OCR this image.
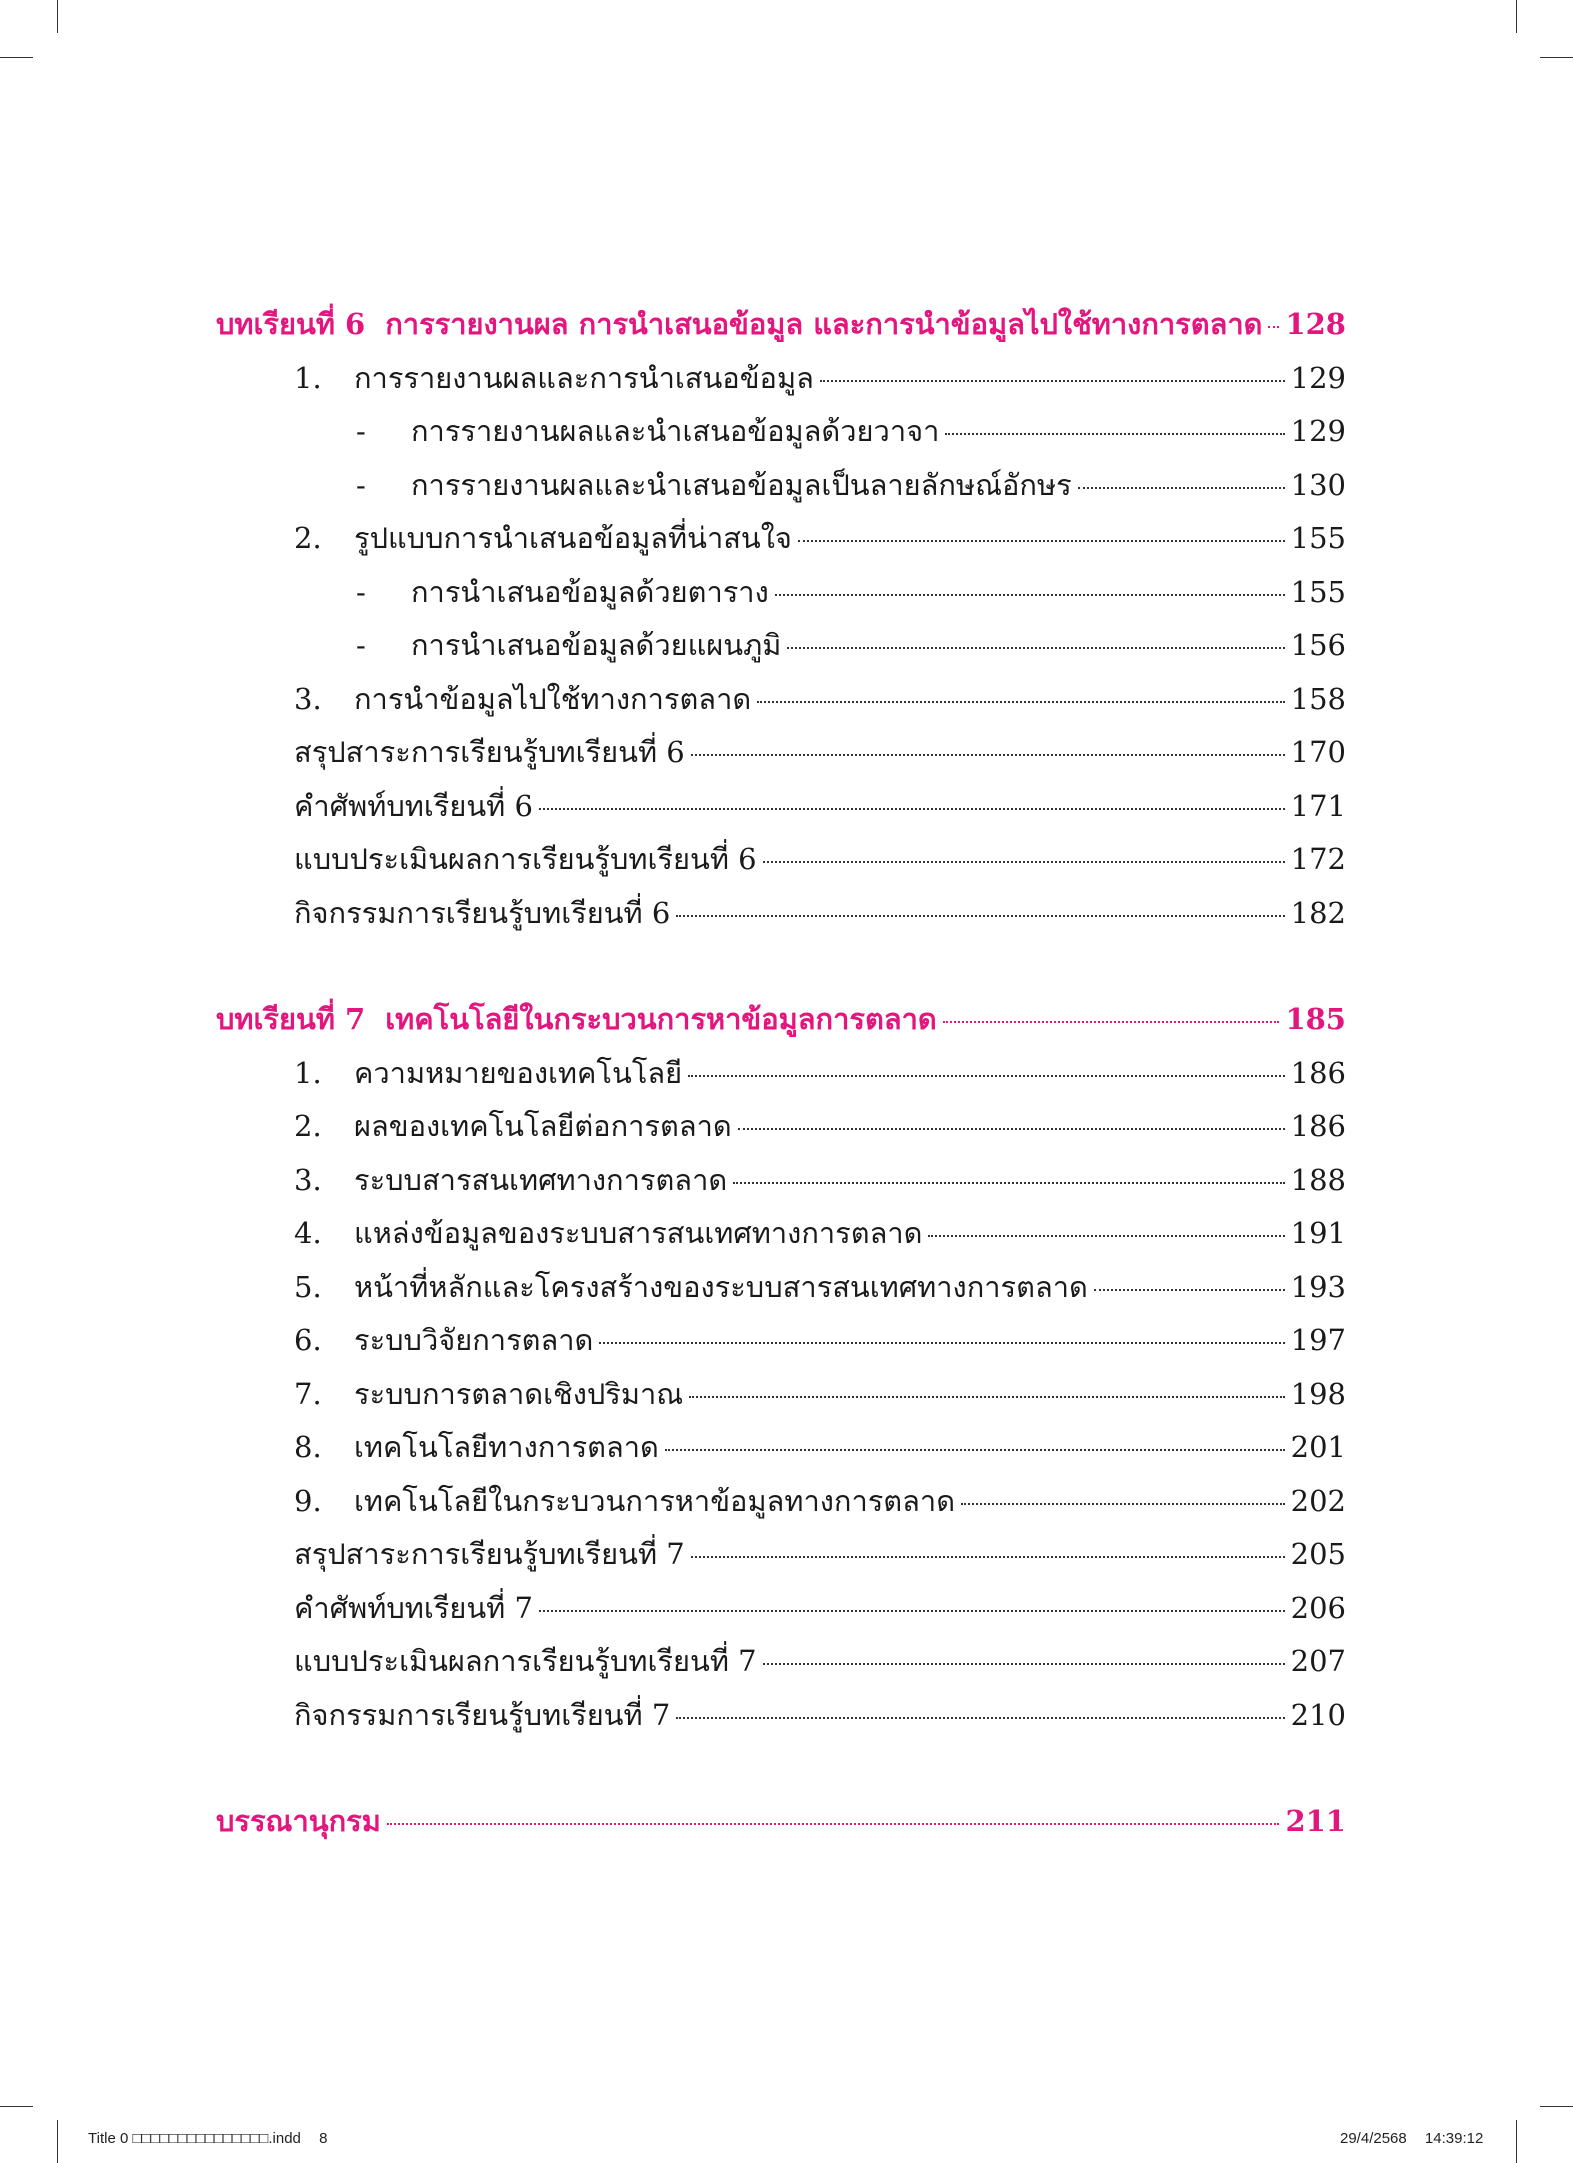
บทเรียนที่ 6 การรายงานผล การนำเสนอข้อมูล และการนำข้อมูลไปใช้ทางการตลาด 128
1.	การรายงานผลและการนำเสนอข้อมูล	129
-	การรายงานผลและนำเสนอข้อมูลด้วยวาจา	129
-	การรายงานผลและนำเสนอข้อมูลเป็นลายลักษณ์อักษร	130
2.	รูปแบบการนำเสนอข้อมูลที่น่าสนใจ	155
-	การนำเสนอข้อมูลด้วยตาราง	155
-	การนำเสนอข้อมูลด้วยแผนภูมิ	156
3.	การนำข้อมูลไปใช้ทางการตลาด	158
สรุปสาระการเรียนรู้บทเรียนที่ 6	170
คำศัพท์บทเรียนที่ 6	171
แบบประเมินผลการเรียนรู้บทเรียนที่ 6	172
กิจกรรมการเรียนรู้บทเรียนที่ 6	182
บทเรียนที่ 7 เทคโนโลยีในกระบวนการหาข้อมูลการตลาด	185
1.	ความหมายของเทคโนโลยี	186
2.	ผลของเทคโนโลยีต่อการตลาด	186
3.	ระบบสารสนเทศทางการตลาด	188
4.	แหล่งข้อมูลของระบบสารสนเทศทางการตลาด	191
5.	หน้าที่หลักและโครงสร้างของระบบสารสนเทศทางการตลาด	193
6.	ระบบวิจัยการตลาด	197
7.	ระบบการตลาดเชิงปริมาณ	198
8.	เทคโนโลยีทางการตลาด	201
9.	เทคโนโลยีในกระบวนการหาข้อมูลทางการตลาด	202
สรุปสาระการเรียนรู้บทเรียนที่ 7	205
คำศัพท์บทเรียนที่ 7	206
แบบประเมินผลการเรียนรู้บทเรียนที่ 7	207
กิจกรรมการเรียนรู้บทเรียนที่ 7	210
บรรณานุกรม	211
Title 0 □□□□□□□□□□□□□□□.indd 8	29/4/2568 14:39:12
